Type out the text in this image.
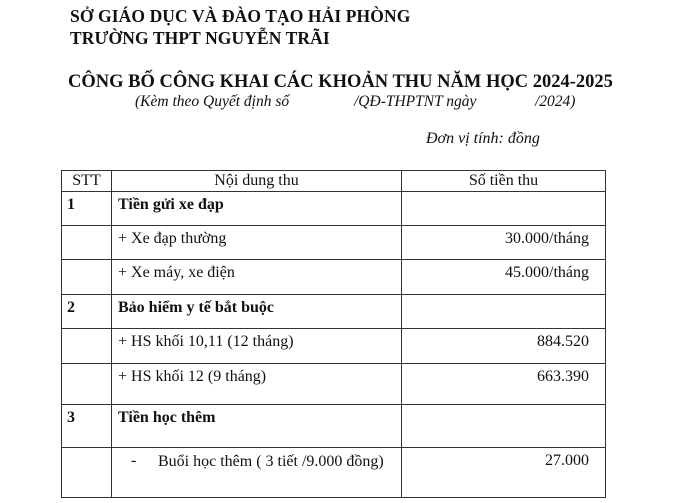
SỞ GIÁO DỤC VÀ ĐÀO TẠO HẢI PHÒNG
TRƯỜNG THPT NGUYỄN TRÃI
CÔNG BỐ CÔNG KHAI CÁC KHOẢN THU NĂM HỌC 2024-2025
(Kèm theo Quyết định số	/QĐ-THPTNT ngày	/2024)
Đơn vị tính: đồng
STT	Nội dung thu	Số tiền thu
1	Tiền gửi xe đạp	
	+ Xe đạp thường	30.000/tháng
	+ Xe máy, xe điện	45.000/tháng
2	Bảo hiểm y tế bắt buộc	
	+ HS khối 10,11 (12 tháng)	884.520
	+ HS khối 12 (9 tháng)	663.390
3	Tiền học thêm	

	- Buổi học thêm ( 3 tiết /9.000 đồng)	27.000
